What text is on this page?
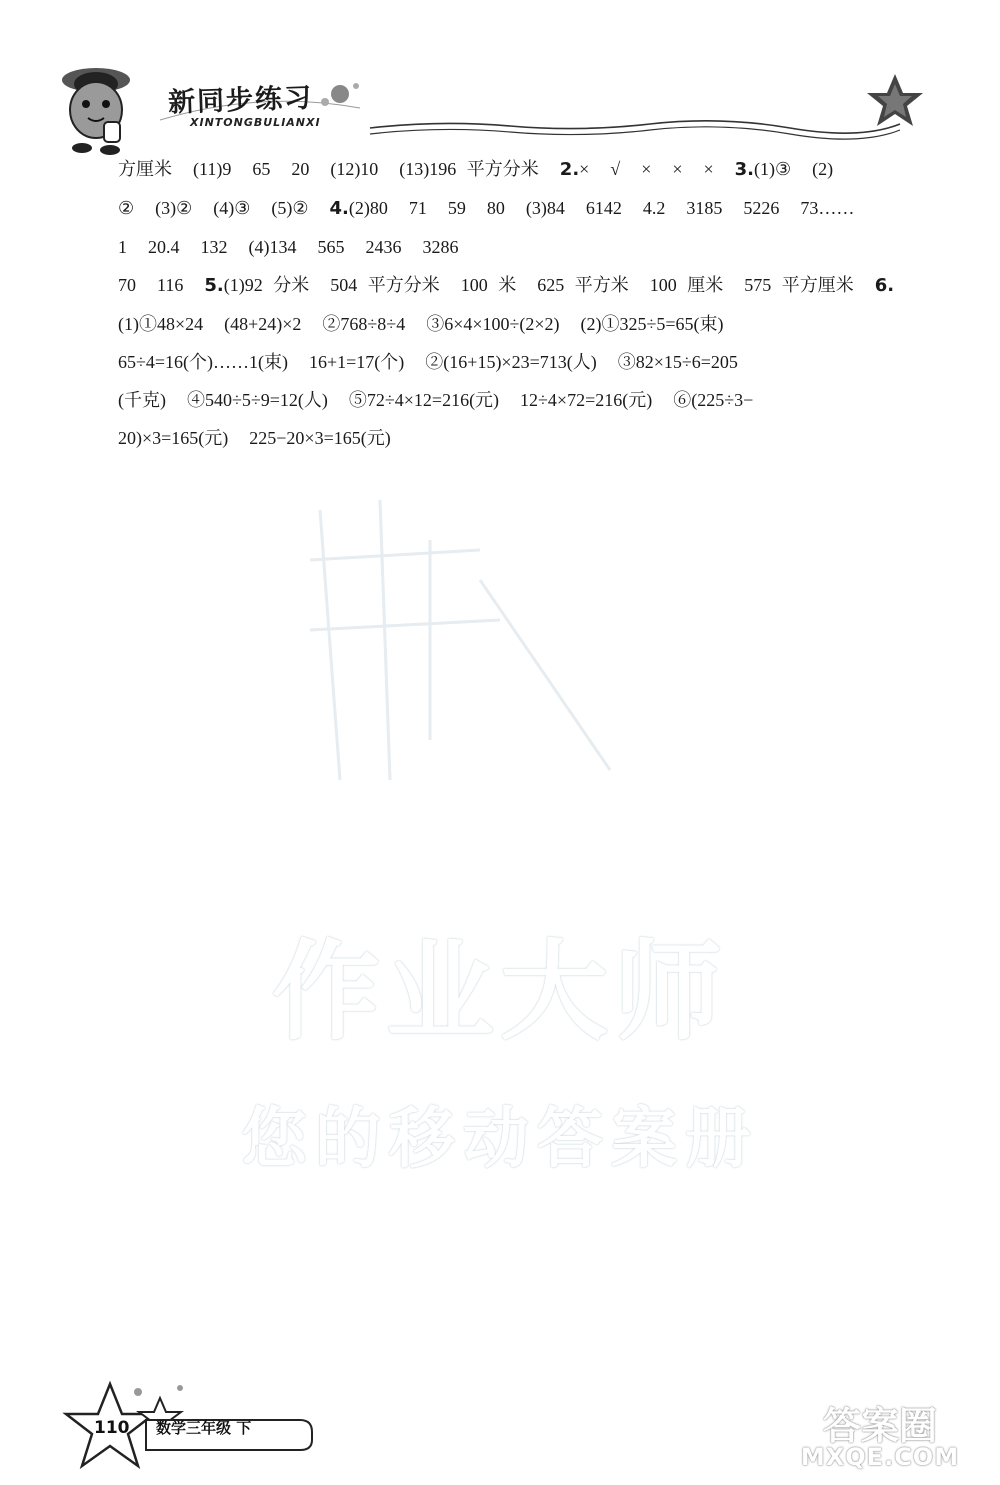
新同步练习
XINTONGBULIANXI

方厘米  (11)9  65  20  (12)10  (13)196 平方分米  2.×  √  ×  ×  ×  3.(1)③  (2)

②  (3)②  (4)③  (5)②  4.(2)80  71  59  80  (3)84  6142  4.2  3185  5226  73……

1  20.4  132  (4)134  565  2436  3286

70  116  5.(1)92 分米  504 平方分米  100 米  625 平方米  100 厘米  575 平方厘米  6.

(1)①48×24  (48+24)×2  ②768÷8÷4  ③6×4×100÷(2×2)  (2)①325÷5=65(束)

65÷4=16(个)……1(束)  16+1=17(个)  ②(16+15)×23=713(人)  ③82×15÷6=205

(千克)  ④540÷5÷9=12(人)  ⑤72÷4×12=216(元)  12÷4×72=216(元)  ⑥(225÷3−

20)×3=165(元)  225−20×3=165(元)

作业大师
您的移动答案册
110 数学三年级 下	答案圈
MXQE.COM
